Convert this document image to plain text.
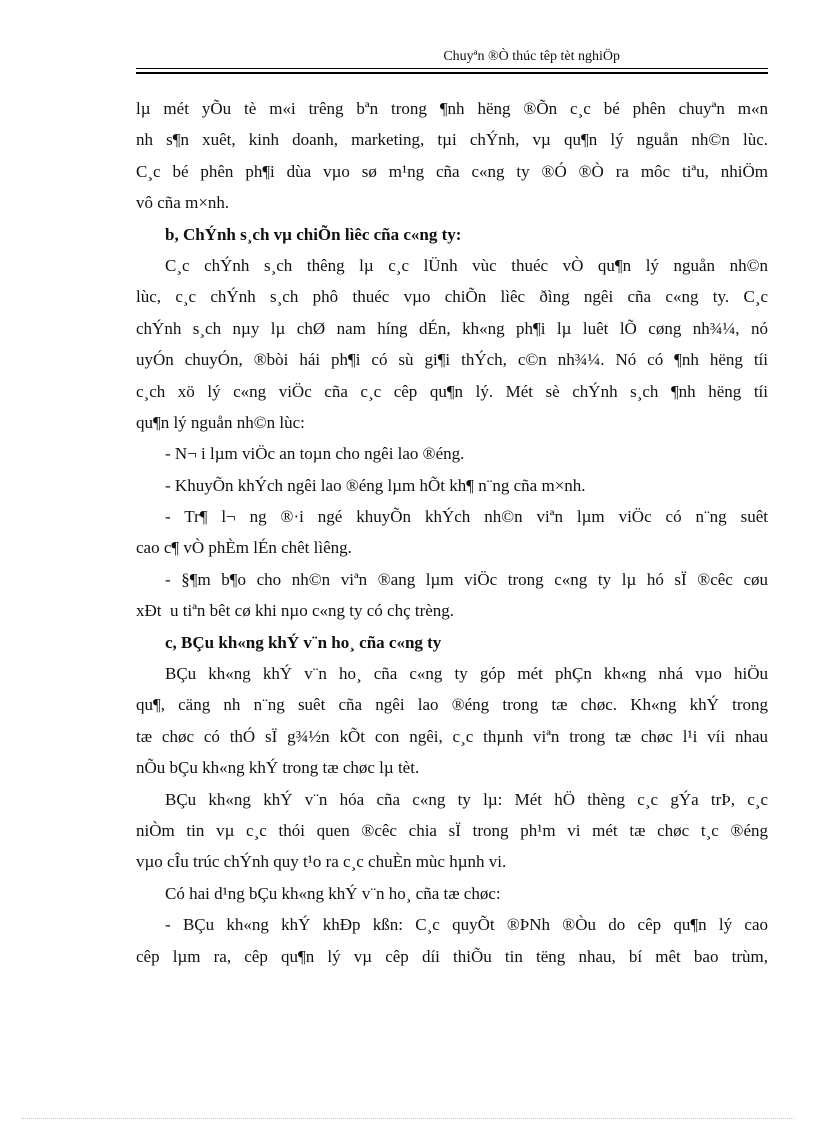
Chuyªn ®Ò thúc têp tèt nghiÖp
lµ mét yÕu tè m«i trêng bªn trong ¶nh hëng ®Õn c¸c bé phên chuyªn m«n
nh s¶n xuêt, kinh doanh, marketing, tµi chÝnh, vµ qu¶n lý nguån nh©n lùc.
C¸c bé phên ph¶i dùa vµo sø m¹ng cña c«ng ty ®Ó ®Ò ra môc tiªu, nhiÖm
vô cña m×nh.
b, ChÝnh s¸ch vµ chiÕn lìêc cña c«ng ty:
C¸c chÝnh s¸ch thêng lµ c¸c lÜnh vùc thuéc vÒ qu¶n lý nguån nh©n
lùc, c¸c chÝnh s¸ch phô thuéc vµo chiÕn lìêc ðìng ngêi cña c«ng ty. C¸c
chÝnh s¸ch nµy lµ chØ nam híng dÉn, kh«ng ph¶i lµ luêt lÕ cøng nh¾¼, nó
uyÓn chuyÓn, ®bòi hái ph¶i có sù gi¶i thÝch, c©n nh¾¼. Nó có ¶nh hëng tíi
c¸ch xö lý c«ng viÖc cña c¸c cêp qu¶n lý. Mét sè chÝnh s¸ch ¶nh hëng tíi
qu¶n lý nguån nh©n lùc:
- N¬ i lµm viÖc an toµn cho ngêi lao ®éng.
- KhuyÕn khÝch ngêi lao ®éng lµm hÕt kh¶ n¨ng cña m×nh.
- Tr¶ l¬ ng ®·i ngé khuyÕn khÝch nh©n viªn lµm viÖc có n¨ng suêt
cao c¶ vÒ phÈm lÉn chêt lìêng.
- §¶m b¶o cho nh©n viªn ®ang lµm viÖc trong c«ng ty lµ hó sÏ ®cêc cøu
xÐt u tiªn bêt cø khi nµo c«ng ty có chç trèng.
c, BÇu kh«ng khÝ v¨n ho¸ cña c«ng ty
BÇu kh«ng khÝ v¨n ho¸ cña c«ng ty góp mét phÇn kh«ng nhá vµo hiÖu
qu¶, cäng nh n¨ng suêt cña ngêi lao ®éng trong tæ chøc. Kh«ng khÝ trong
tæ chøc có thÓ sÏ g¾½n kÕt con ngêi, c¸c thµnh viªn trong tæ chøc l¹i víi nhau
nÕu bÇu kh«ng khÝ trong tæ chøc lµ tèt.
BÇu kh«ng khÝ v¨n hóa cña c«ng ty lµ: Mét hÖ thèng c¸c gÝa trÞ, c¸c
niÒm tin vµ c¸c thói quen ®cêc chia sÏ trong ph¹m vi mét tæ chøc t¸c ®éng
vµo cÎu trúc chÝnh quy t¹o ra c¸c chuÈn mùc hµnh vi.
Có hai d¹ng bÇu kh«ng khÝ v¨n ho¸ cña tæ chøc:
- BÇu kh«ng khÝ khÐp kßn: C¸c quyÕt ®ÞNh ®Òu do cêp qu¶n lý cao
cêp lµm ra, cêp qu¶n lý vµ cêp díi thiÕu tin tëng nhau, bí mêt bao trùm,
